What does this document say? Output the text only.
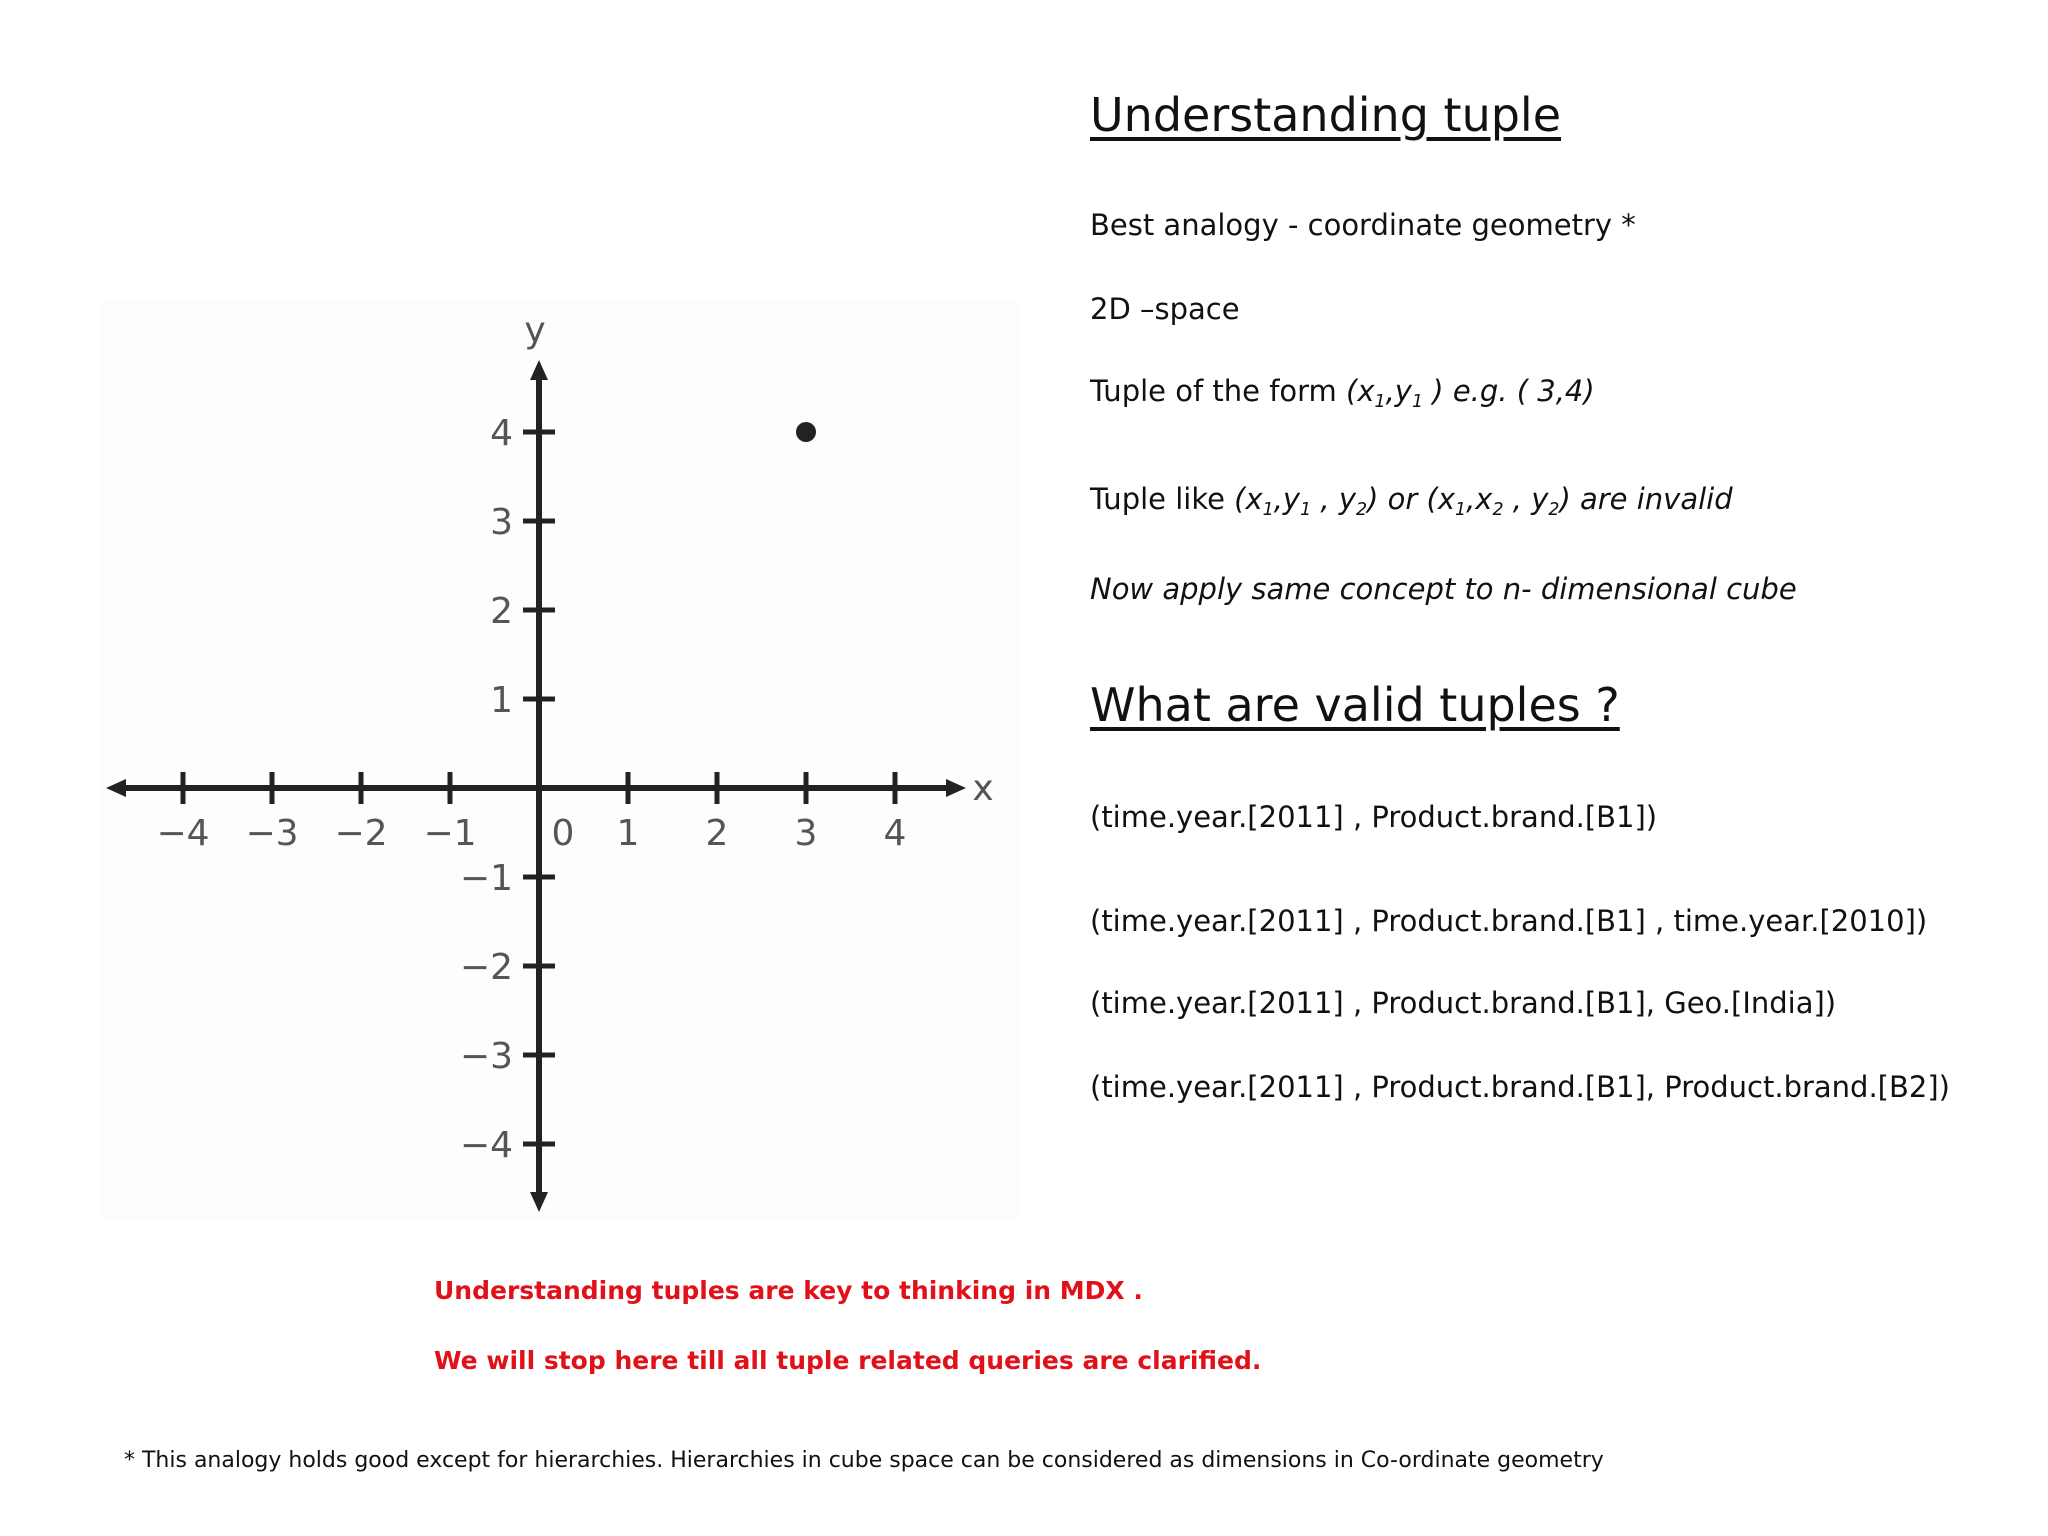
x
y
−4 −3 −2 −1 0 1 2 3 4
4
3
2
1
−1
−2
−3
−4
Understanding tuple
Best analogy - coordinate geometry *
2D –space
Tuple of the form ($x_1,y_1$ ) e.g. ( 3,4)
Tuple like ($x_1,y_1$ , $y_2$) or ($x_1,x_2$ , $y_2$) are invalid
Now apply same concept to n- dimensional cube
What are valid tuples ?
(time.year.[2011] , Product.brand.[B1])
(time.year.[2011] , Product.brand.[B1] , time.year.[2010])
(time.year.[2011] , Product.brand.[B1], Geo.[India])
(time.year.[2011] , Product.brand.[B1], Product.brand.[B2])
Understanding tuples are key to thinking in MDX .
We will stop here till all tuple related queries are clarified.
* This analogy holds good except for hierarchies. Hierarchies in cube space can be considered as dimensions in Co-ordinate geometry
